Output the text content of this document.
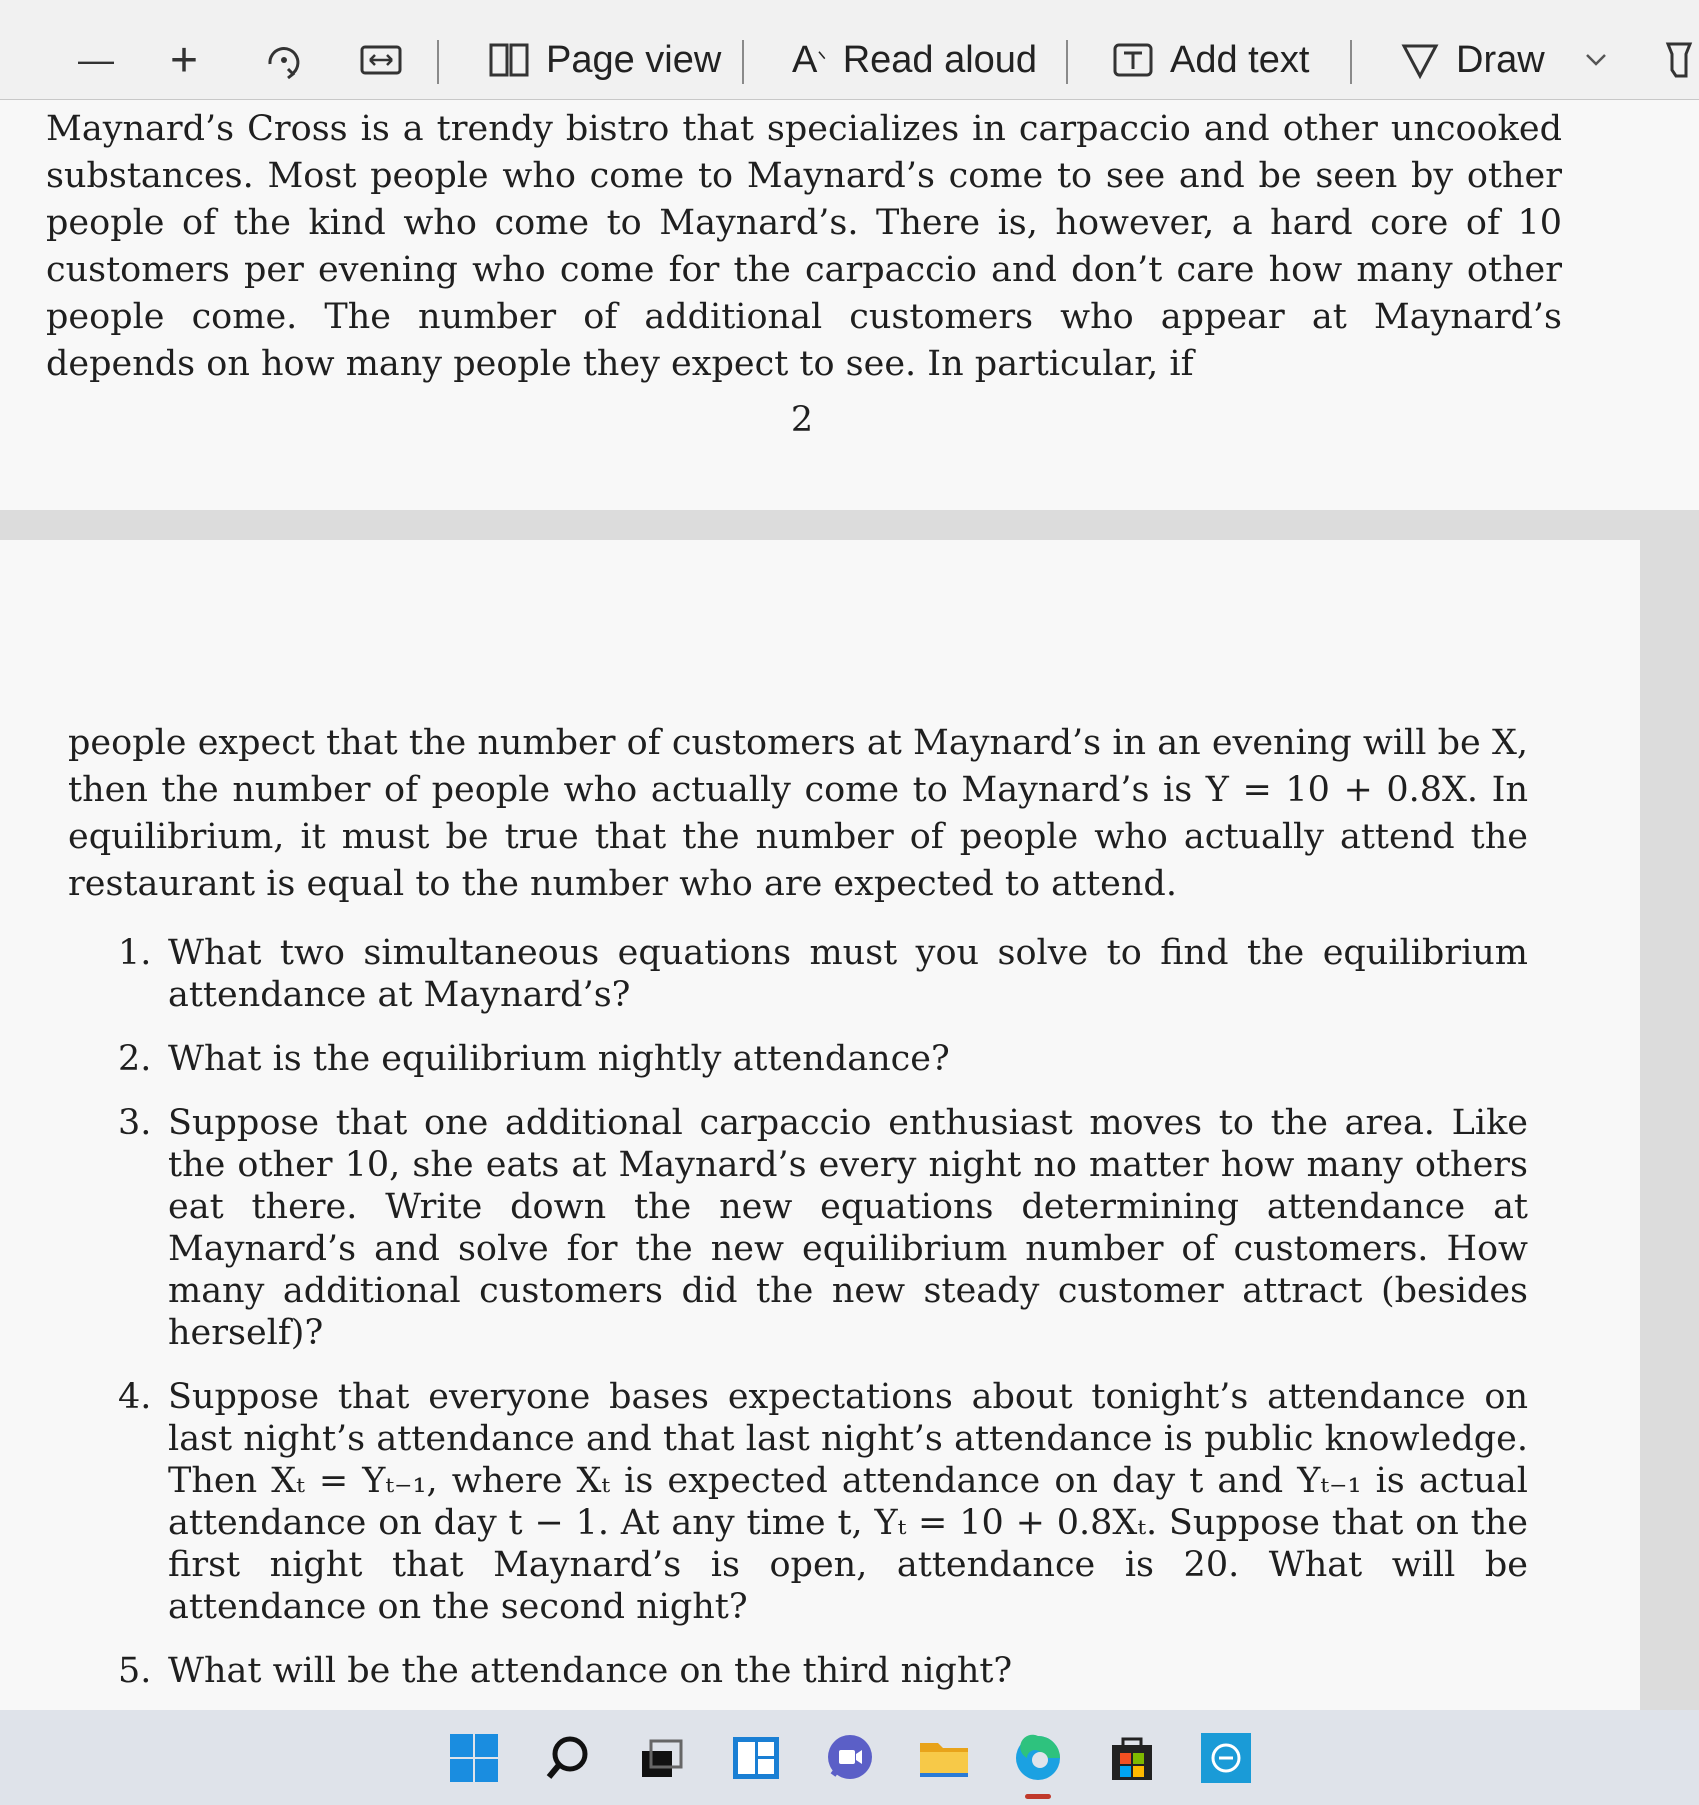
— +	Page view A ᐠ Read aloud	Add text	Draw
Maynard’s Cross is a trendy bistro that specializes in carpaccio and other uncooked substances. Most people who come to Maynard’s come to see and be seen by other people of the kind who come to Maynard’s. There is, however, a hard core of 10 customers per evening who come for the carpaccio and don’t care how many other people come. The number of additional customers who appear at Maynard’s depends on how many people they expect to see. In particular, if
2
people expect that the number of customers at Maynard’s in an evening will be X, then the number of people who actually come to Maynard’s is Y = 10 + 0.8X. In equilibrium, it must be true that the number of people who actually attend the restaurant is equal to the number who are expected to attend.
1. What two simultaneous equations must you solve to find the equilibrium attendance at Maynard’s?
2. What is the equilibrium nightly attendance?
3. Suppose that one additional carpaccio enthusiast moves to the area. Like the other 10, she eats at Maynard’s every night no matter how many others eat there. Write down the new equations determining attendance at Maynard’s and solve for the new equilibrium number of customers. How many additional customers did the new steady customer attract (besides herself)?
4. Suppose that everyone bases expectations about tonight’s attendance on last night’s attendance and that last night’s attendance is public knowledge. Then Xₜ = Yₜ₋₁, where Xₜ is expected attendance on day t and Yₜ₋₁ is actual attendance on day t − 1. At any time t, Yₜ = 10 + 0.8Xₜ. Suppose that on the first night that Maynard’s is open, attendance is 20. What will be attendance on the second night?
5. What will be the attendance on the third night?
